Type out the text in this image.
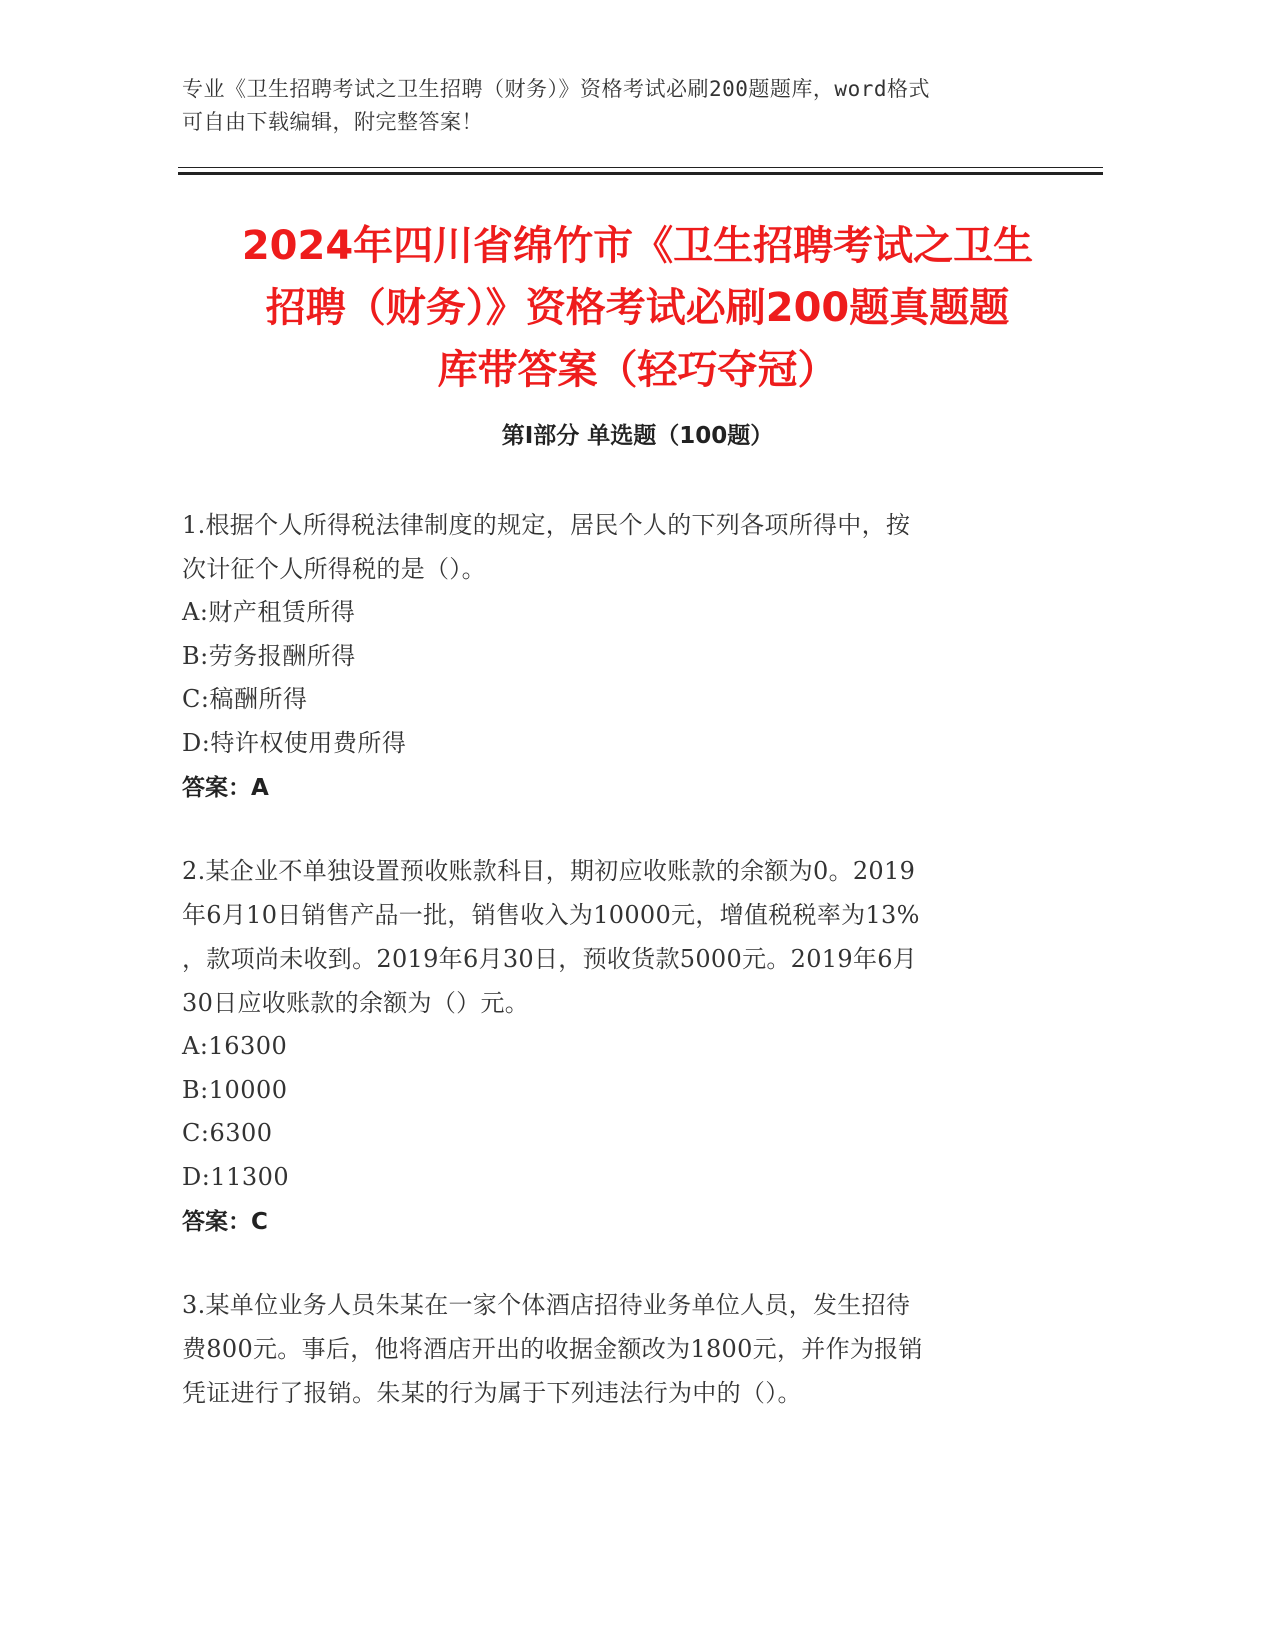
专业《卫生招聘考试之卫生招聘（财务）》资格考试必刷200题题库，word格式
可自由下载编辑，附完整答案！
2024年四川省绵竹市《卫生招聘考试之卫生
招聘（财务）》资格考试必刷200题真题题
库带答案（轻巧夺冠）
第Ⅰ部分 单选题（100题）
1.根据个人所得税法律制度的规定，居民个人的下列各项所得中，按
次计征个人所得税的是（）。
A:财产租赁所得
B:劳务报酬所得
C:稿酬所得
D:特许权使用费所得
答案：A
2.某企业不单独设置预收账款科目，期初应收账款的余额为0。2019
年6月10日销售产品一批，销售收入为10000元，增值税税率为13%
，款项尚未收到。2019年6月30日，预收货款5000元。2019年6月
30日应收账款的余额为（）元。
A:16300
B:10000
C:6300
D:11300
答案：C
3.某单位业务人员朱某在一家个体酒店招待业务单位人员，发生招待
费800元。事后，他将酒店开出的收据金额改为1800元，并作为报销
凭证进行了报销。朱某的行为属于下列违法行为中的（）。
